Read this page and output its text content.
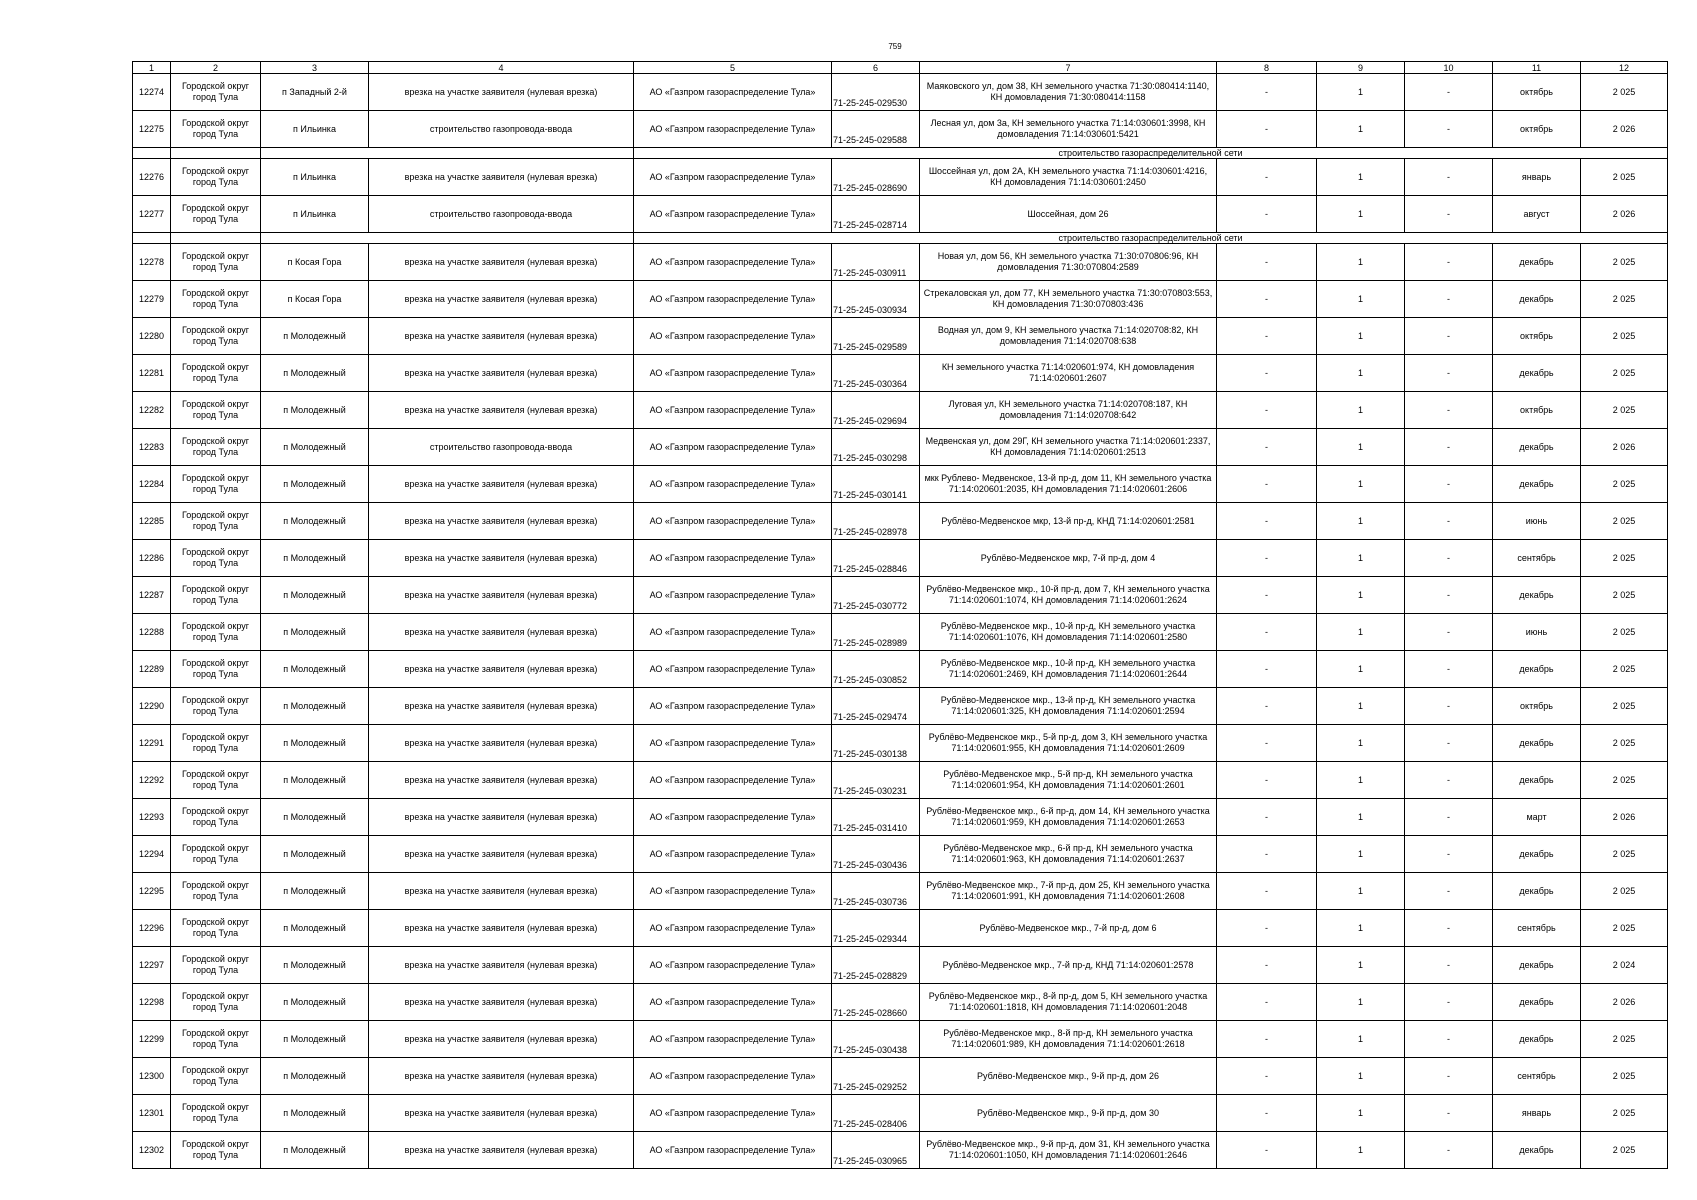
759
1	2	3	4	5	6	7	8	9	10	11	12
12274	Городской округ город Тула	п Западный 2-й	врезка на участке заявителя (нулевая врезка)	АО «Газпром газораспределение Тула»	71-25-245-029530	Маяковского ул, дом 38, КН земельного участка 71:30:080414:1140, КН домовладения 71:30:080414:1158	-	1	-	октябрь	2 025
12275	Городской округ город Тула	п Ильинка	строительство газопровода-ввода	АО «Газпром газораспределение Тула»	71-25-245-029588	Лесная ул, дом 3а, КН земельного участка 71:14:030601:3998, КН домовладения 71:14:030601:5421	-	1	-	октябрь	2 026
				строительство газораспределительной сети							
12276	Городской округ город Тула	п Ильинка	врезка на участке заявителя (нулевая врезка)	АО «Газпром газораспределение Тула»	71-25-245-028690	Шоссейная ул, дом 2А, КН земельного участка 71:14:030601:4216, КН домовладения 71:14:030601:2450	-	1	-	январь	2 025
12277	Городской округ город Тула	п Ильинка	строительство газопровода-ввода	АО «Газпром газораспределение Тула»	71-25-245-028714	Шоссейная, дом 26	-	1	-	август	2 026
				строительство газораспределительной сети							
12278	Городской округ город Тула	п Косая Гора	врезка на участке заявителя (нулевая врезка)	АО «Газпром газораспределение Тула»	71-25-245-030911	Новая ул, дом 56, КН земельного участка 71:30:070806:96, КН домовладения 71:30:070804:2589	-	1	-	декабрь	2 025
12279	Городской округ город Тула	п Косая Гора	врезка на участке заявителя (нулевая врезка)	АО «Газпром газораспределение Тула»	71-25-245-030934	Стрекаловская ул, дом 77, КН земельного участка 71:30:070803:553, КН домовладения 71:30:070803:436	-	1	-	декабрь	2 025
12280	Городской округ город Тула	п Молодежный	врезка на участке заявителя (нулевая врезка)	АО «Газпром газораспределение Тула»	71-25-245-029589	Водная ул, дом 9, КН земельного участка 71:14:020708:82, КН домовладения 71:14:020708:638	-	1	-	октябрь	2 025
12281	Городской округ город Тула	п Молодежный	врезка на участке заявителя (нулевая врезка)	АО «Газпром газораспределение Тула»	71-25-245-030364	КН земельного участка 71:14:020601:974, КН домовладения 71:14:020601:2607	-	1	-	декабрь	2 025
12282	Городской округ город Тула	п Молодежный	врезка на участке заявителя (нулевая врезка)	АО «Газпром газораспределение Тула»	71-25-245-029694	Луговая ул, КН земельного участка 71:14:020708:187, КН домовладения 71:14:020708:642	-	1	-	октябрь	2 025
12283	Городской округ город Тула	п Молодежный	строительство газопровода-ввода	АО «Газпром газораспределение Тула»	71-25-245-030298	Медвенская ул, дом 29Г, КН земельного участка 71:14:020601:2337, КН домовладения 71:14:020601:2513	-	1	-	декабрь	2 026
12284	Городской округ город Тула	п Молодежный	врезка на участке заявителя (нулевая врезка)	АО «Газпром газораспределение Тула»	71-25-245-030141	мкк Рублево- Медвенское, 13-й пр-д, дом 11, КН земельного участка 71:14:020601:2035, КН домовладения 71:14:020601:2606	-	1	-	декабрь	2 025
12285	Городской округ город Тула	п Молодежный	врезка на участке заявителя (нулевая врезка)	АО «Газпром газораспределение Тула»	71-25-245-028978	Рублёво-Медвенское мкр, 13-й пр-д, КНД 71:14:020601:2581	-	1	-	июнь	2 025
12286	Городской округ город Тула	п Молодежный	врезка на участке заявителя (нулевая врезка)	АО «Газпром газораспределение Тула»	71-25-245-028846	Рублёво-Медвенское мкр, 7-й пр-д, дом 4	-	1	-	сентябрь	2 025
12287	Городской округ город Тула	п Молодежный	врезка на участке заявителя (нулевая врезка)	АО «Газпром газораспределение Тула»	71-25-245-030772	Рублёво-Медвенское мкр., 10-й пр-д, дом 7, КН земельного участка 71:14:020601:1074, КН домовладения 71:14:020601:2624	-	1	-	декабрь	2 025
12288	Городской округ город Тула	п Молодежный	врезка на участке заявителя (нулевая врезка)	АО «Газпром газораспределение Тула»	71-25-245-028989	Рублёво-Медвенское мкр., 10-й пр-д, КН земельного участка 71:14:020601:1076, КН домовладения 71:14:020601:2580	-	1	-	июнь	2 025
12289	Городской округ город Тула	п Молодежный	врезка на участке заявителя (нулевая врезка)	АО «Газпром газораспределение Тула»	71-25-245-030852	Рублёво-Медвенское мкр., 10-й пр-д, КН земельного участка 71:14:020601:2469, КН домовладения 71:14:020601:2644	-	1	-	декабрь	2 025
12290	Городской округ город Тула	п Молодежный	врезка на участке заявителя (нулевая врезка)	АО «Газпром газораспределение Тула»	71-25-245-029474	Рублёво-Медвенское мкр., 13-й пр-д, КН земельного участка 71:14:020601:325, КН домовладения 71:14:020601:2594	-	1	-	октябрь	2 025
12291	Городской округ город Тула	п Молодежный	врезка на участке заявителя (нулевая врезка)	АО «Газпром газораспределение Тула»	71-25-245-030138	Рублёво-Медвенское мкр., 5-й пр-д, дом 3, КН земельного участка 71:14:020601:955, КН домовладения 71:14:020601:2609	-	1	-	декабрь	2 025
12292	Городской округ город Тула	п Молодежный	врезка на участке заявителя (нулевая врезка)	АО «Газпром газораспределение Тула»	71-25-245-030231	Рублёво-Медвенское мкр., 5-й пр-д, КН земельного участка 71:14:020601:954, КН домовладения 71:14:020601:2601	-	1	-	декабрь	2 025
12293	Городской округ город Тула	п Молодежный	врезка на участке заявителя (нулевая врезка)	АО «Газпром газораспределение Тула»	71-25-245-031410	Рублёво-Медвенское мкр., 6-й пр-д, дом 14, КН земельного участка 71:14:020601:959, КН домовладения 71:14:020601:2653	-	1	-	март	2 026
12294	Городской округ город Тула	п Молодежный	врезка на участке заявителя (нулевая врезка)	АО «Газпром газораспределение Тула»	71-25-245-030436	Рублёво-Медвенское мкр., 6-й пр-д, КН земельного участка 71:14:020601:963, КН домовладения 71:14:020601:2637	-	1	-	декабрь	2 025
12295	Городской округ город Тула	п Молодежный	врезка на участке заявителя (нулевая врезка)	АО «Газпром газораспределение Тула»	71-25-245-030736	Рублёво-Медвенское мкр., 7-й пр-д, дом 25, КН земельного участка 71:14:020601:991, КН домовладения 71:14:020601:2608	-	1	-	декабрь	2 025
12296	Городской округ город Тула	п Молодежный	врезка на участке заявителя (нулевая врезка)	АО «Газпром газораспределение Тула»	71-25-245-029344	Рублёво-Медвенское мкр., 7-й пр-д, дом 6	-	1	-	сентябрь	2 025
12297	Городской округ город Тула	п Молодежный	врезка на участке заявителя (нулевая врезка)	АО «Газпром газораспределение Тула»	71-25-245-028829	Рублёво-Медвенское мкр., 7-й пр-д, КНД 71:14:020601:2578	-	1	-	декабрь	2 024
12298	Городской округ город Тула	п Молодежный	врезка на участке заявителя (нулевая врезка)	АО «Газпром газораспределение Тула»	71-25-245-028660	Рублёво-Медвенское мкр., 8-й пр-д, дом 5, КН земельного участка 71:14:020601:1818, КН домовладения 71:14:020601:2048	-	1	-	декабрь	2 026
12299	Городской округ город Тула	п Молодежный	врезка на участке заявителя (нулевая врезка)	АО «Газпром газораспределение Тула»	71-25-245-030438	Рублёво-Медвенское мкр., 8-й пр-д, КН земельного участка 71:14:020601:989, КН домовладения 71:14:020601:2618	-	1	-	декабрь	2 025
12300	Городской округ город Тула	п Молодежный	врезка на участке заявителя (нулевая врезка)	АО «Газпром газораспределение Тула»	71-25-245-029252	Рублёво-Медвенское мкр., 9-й пр-д, дом 26	-	1	-	сентябрь	2 025
12301	Городской округ город Тула	п Молодежный	врезка на участке заявителя (нулевая врезка)	АО «Газпром газораспределение Тула»	71-25-245-028406	Рублёво-Медвенское мкр., 9-й пр-д, дом 30	-	1	-	январь	2 025
12302	Городской округ город Тула	п Молодежный	врезка на участке заявителя (нулевая врезка)	АО «Газпром газораспределение Тула»	71-25-245-030965	Рублёво-Медвенское мкр., 9-й пр-д, дом 31, КН земельного участка 71:14:020601:1050, КН домовладения 71:14:020601:2646	-	1	-	декабрь	2 025
